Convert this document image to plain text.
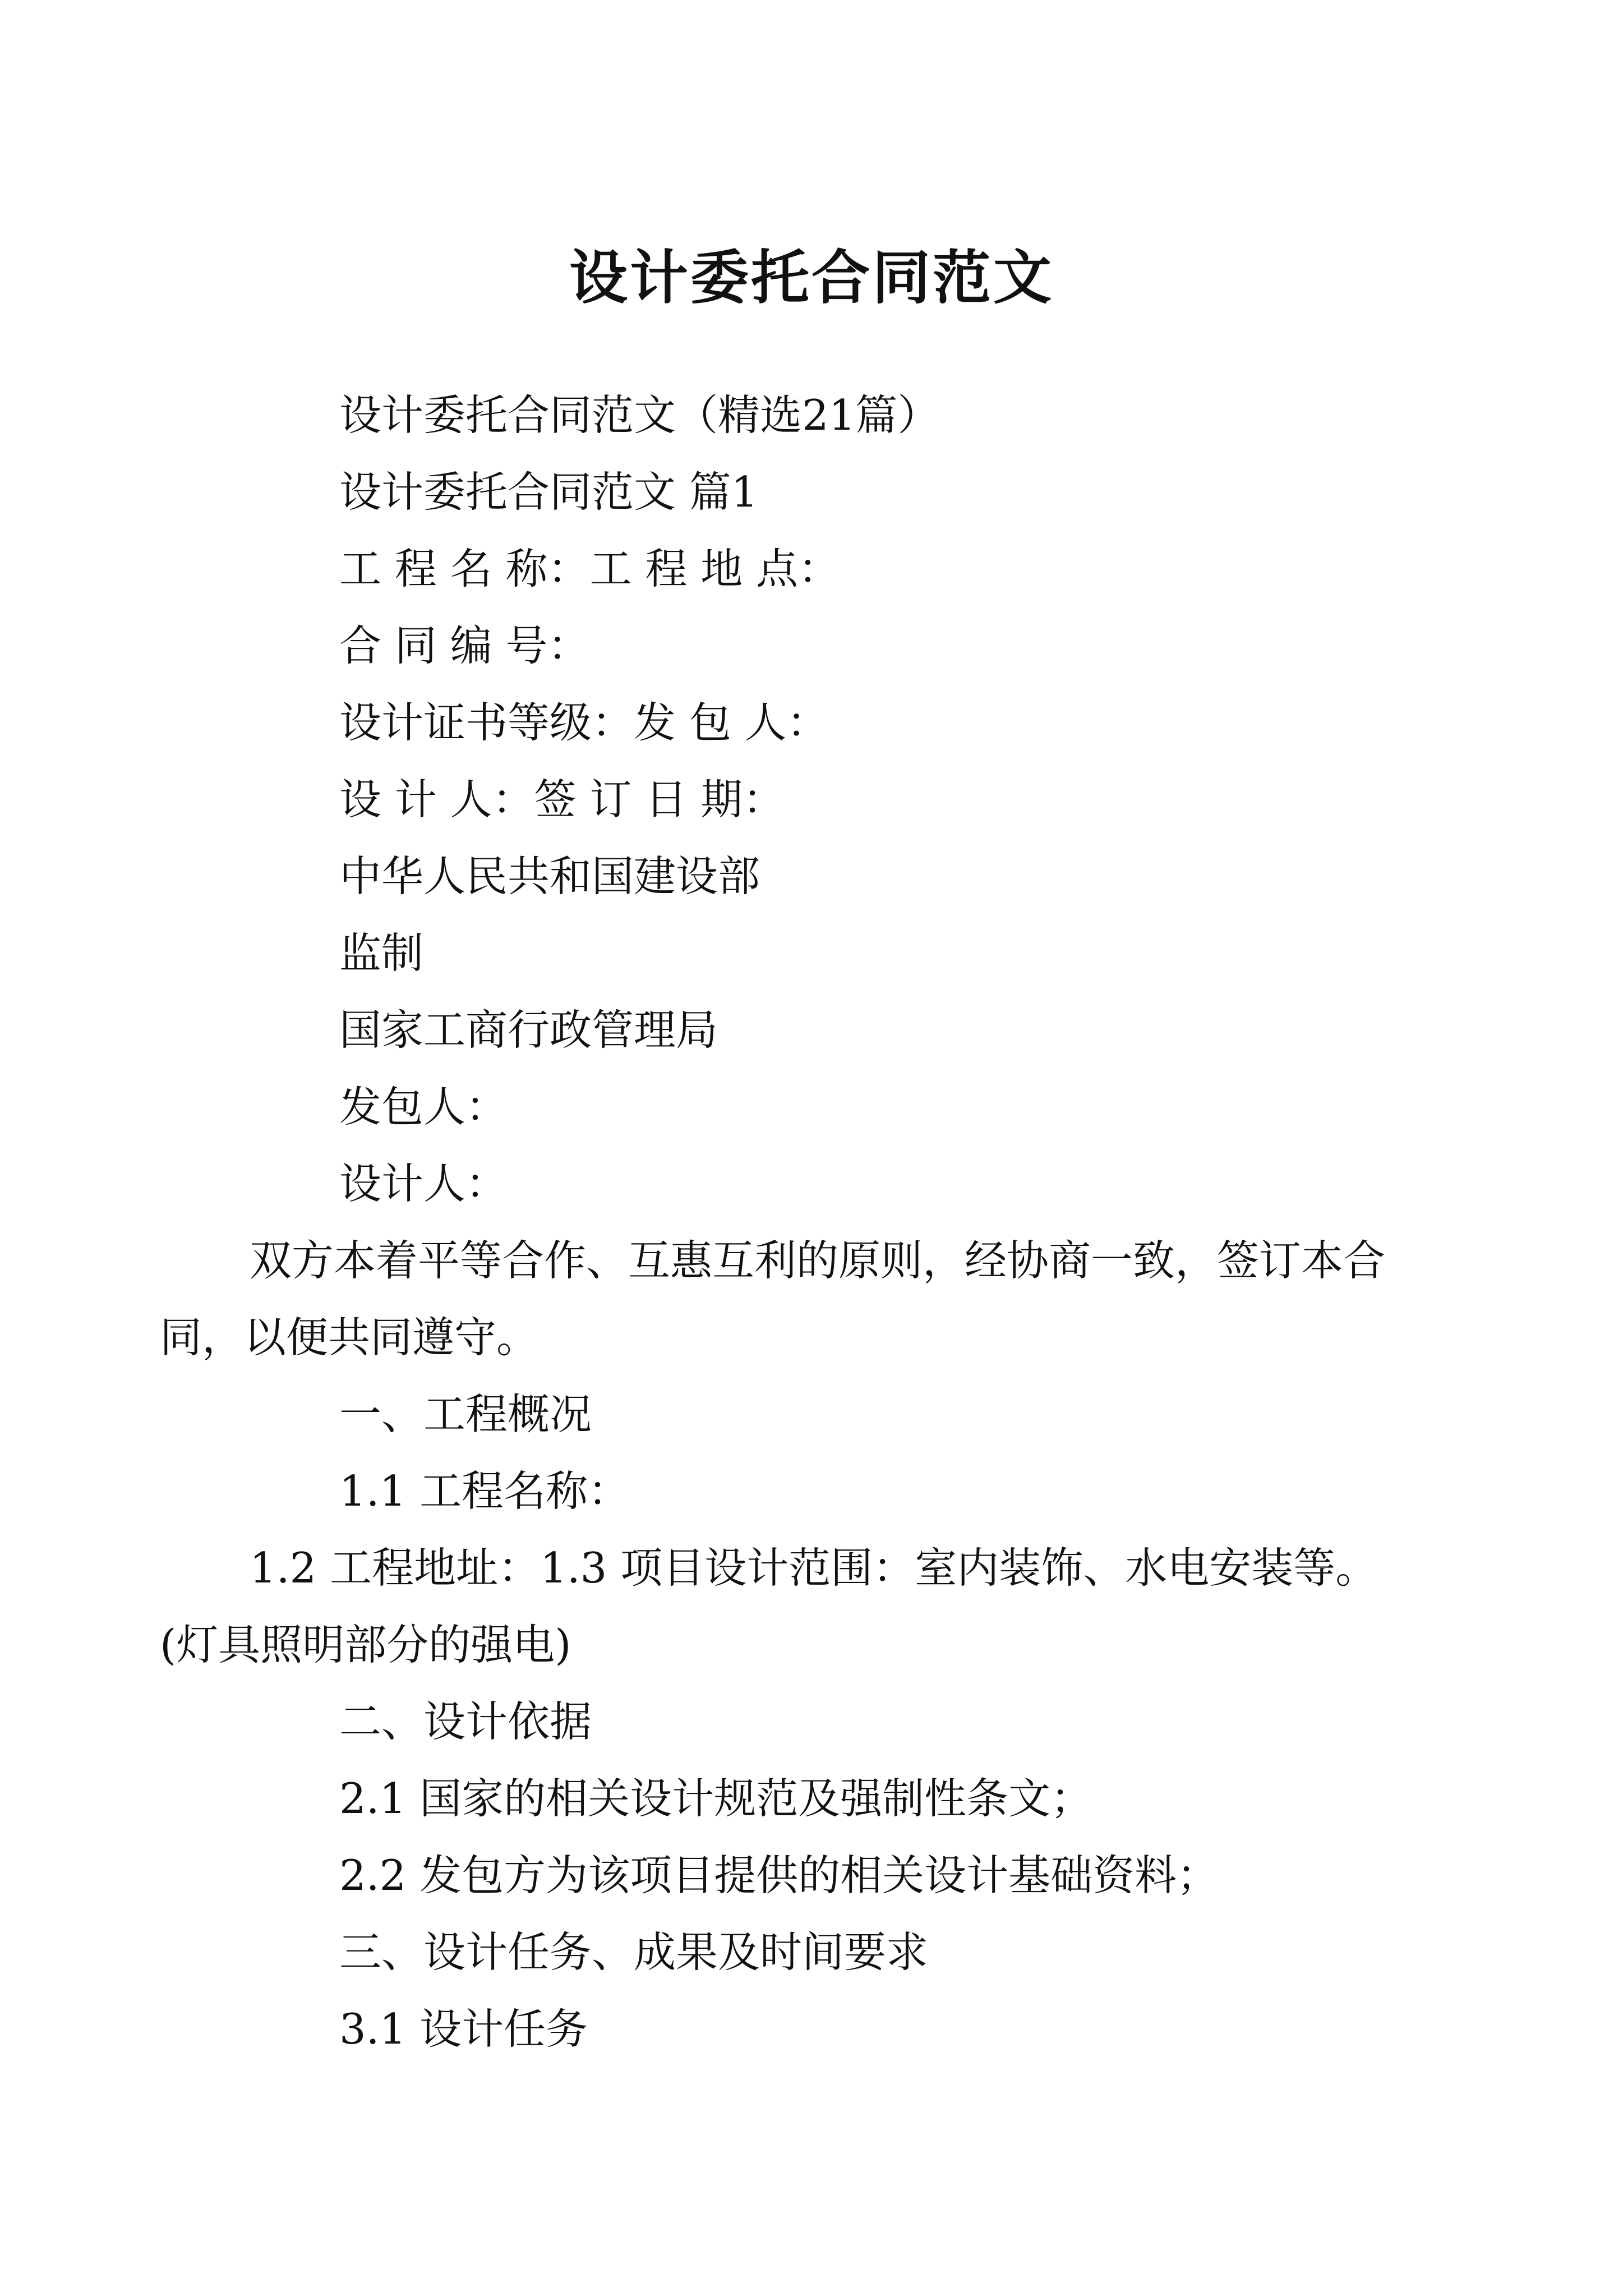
设计委托合同范文

设计委托合同范文（精选21篇）

设计委托合同范文 篇1

工 程 名 称：工 程 地 点：

合 同 编 号：

设计证书等级：发 包 人：

设 计 人：签 订 日 期：

中华人民共和国建设部

监制

国家工商行政管理局

发包人：

设计人：

双方本着平等合作、互惠互利的原则，经协商一致，签订本合同，以便共同遵守。

一、工程概况

1.1 工程名称：

1.2 工程地址：1.3 项目设计范围：室内装饰、水电安装等。(灯具照明部分的强电)

二、设计依据

2.1 国家的相关设计规范及强制性条文；

2.2 发包方为该项目提供的相关设计基础资料；

三、设计任务、成果及时间要求

3.1 设计任务
